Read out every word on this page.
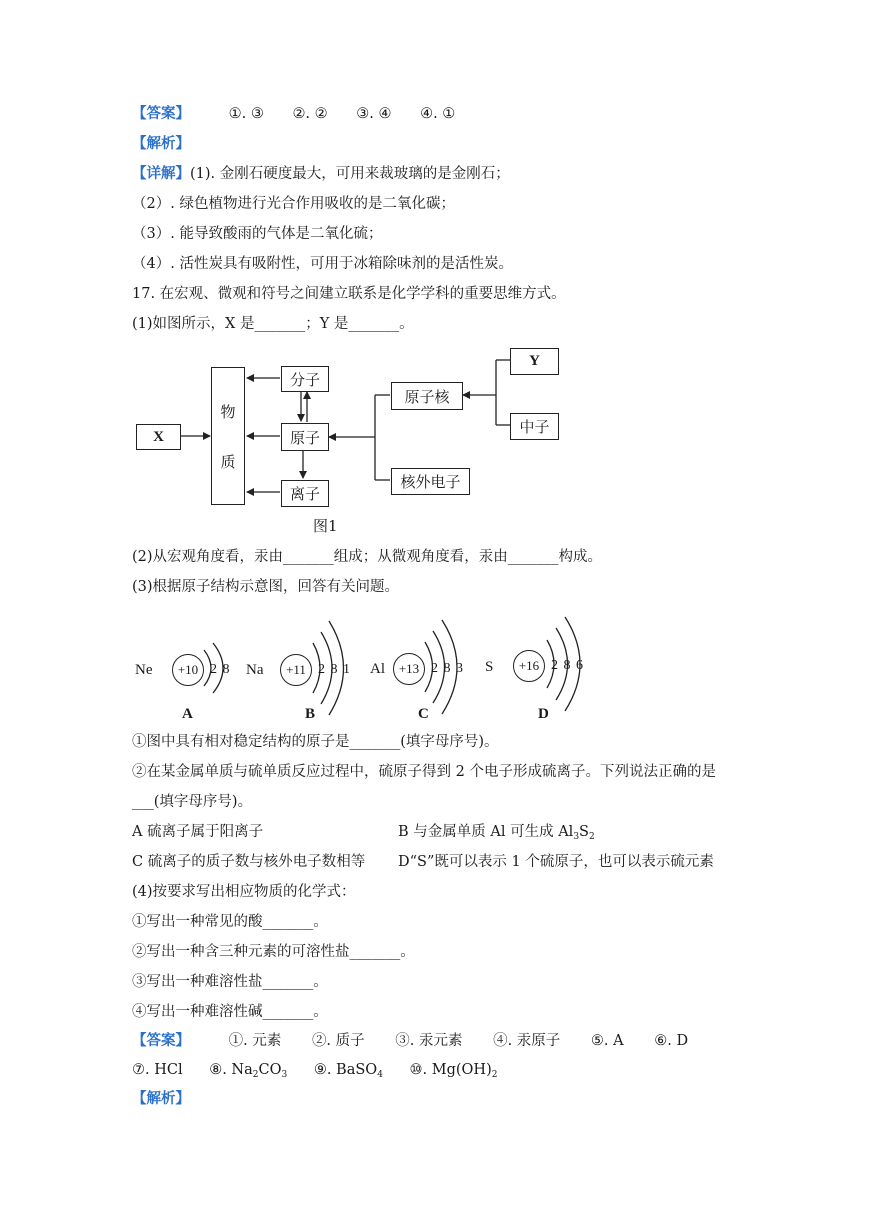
【答案】	①. ③ ②. ② ③. ④ ④. ①
【解析】
【详解】(1). 金刚石硬度最大，可用来裁玻璃的是金刚石；
（2）. 绿色植物进行光合作用吸收的是二氧化碳；
（3）. 能导致酸雨的气体是二氧化硫；
（4）. 活性炭具有吸附性，可用于冰箱除味剂的是活性炭。
17. 在宏观、微观和符号之间建立联系是化学学科的重要思维方式。
(1)如图所示，X 是_______；Y 是_______。
X
物
质
分子
原子
离子
原子核
核外电子
Y
中子
图1
(2)从宏观角度看，汞由_______组成；从微观角度看，汞由_______构成。
(3)根据原子结构示意图，回答有关问题。
Ne	+10 2 8
A
Na	+11 2 8 1
B
Al	+13 2 8 3
C
S	+16 2 8 6
D
①图中具有相对稳定结构的原子是_______(填字母序号)。
②在某金属单质与硫单质反应过程中，硫原子得到 2 个电子形成硫离子。下列说法正确的是
___(填字母序号)。
A 硫离子属于阳离子	B 与金属单质 Al 可生成 $Al_3S_2$
C 硫离子的质子数与核外电子数相等 D“S”既可以表示 1 个硫原子，也可以表示硫元素
(4)按要求写出相应物质的化学式：
①写出一种常见的酸_______。
②写出一种含三种元素的可溶性盐_______。
③写出一种难溶性盐_______。
④写出一种难溶性碱_______。
【答案】	①. 元素 ②. 质子 ③. 汞元素 ④. 汞原子 ⑤. A ⑥. D
⑦. HCl ⑧. $Na_2CO_3$ ⑨. BaSO$_4$ ⑩. $Mg(OH)_2$
【解析】
